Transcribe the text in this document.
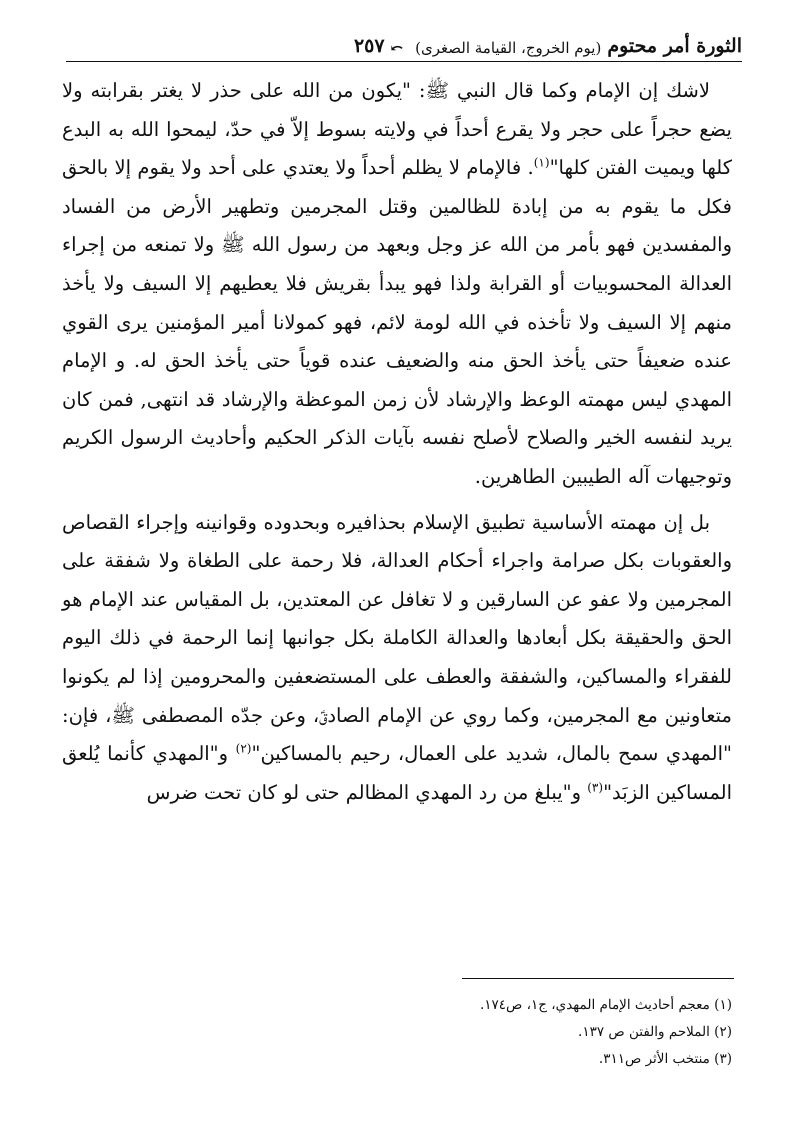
الثورة أمر محتوم
(يوم الخروج، القيامة الصغرى)
⤺
٢٥٧

لاشك إن الإمام وكما قال النبي ﷺ: "يكون من الله على حذر لا يغتر بقرابته ولا يضع حجراً على حجر ولا يقرع أحداً في ولايته بسوط إلاّ في حدّ، ليمحوا الله به البدع كلها ويميت الفتن كلها"$^{(١)}$. فالإمام لا يظلم أحداً ولا يعتدي على أحد ولا يقوم إلا بالحق فكل ما يقوم به من إبادة للظالمين وقتل المجرمين وتطهير الأرض من الفساد والمفسدين فهو بأمر من الله عز وجل وبعهد من رسول الله ﷺ ولا تمنعه من إجراء العدالة المحسوبيات أو القرابة ولذا فهو يبدأ بقريش فلا يعطيهم إلا السيف ولا يأخذ منهم إلا السيف ولا تأخذه في الله لومة لائم، فهو كمولانا أمير المؤمنين يرى القوي عنده ضعيفاً حتى يأخذ الحق منه والضعيف عنده قوياً حتى يأخذ الحق له. و الإمام المهدي ليس مهمته الوعظ والإرشاد لأن زمن الموعظة والإرشاد قد انتهى, فمن كان يريد لنفسه الخير والصلاح لأصلح نفسه بآيات الذكر الحكيم وأحاديث الرسول الكريم وتوجيهات آله الطيبين الطاهرين.

بل إن مهمته الأساسية تطبيق الإسلام بحذافيره وبحدوده وقوانينه وإجراء القصاص والعقوبات بكل صرامة واجراء أحكام العدالة، فلا رحمة على الطغاة ولا شفقة على المجرمين ولا عفو عن السارقين و لا تغافل عن المعتدين، بل المقياس عند الإمام هو الحق والحقيقة بكل أبعادها والعدالة الكاملة بكل جوانبها إنما الرحمة في ذلك اليوم للفقراء والمساكين، والشفقة والعطف على المستضعفين والمحرومين إذا لم يكونوا متعاونين مع المجرمين، وكما روي عن الإمام الصادقؑ، وعن جدّه المصطفى ﷺ، فإن: "المهدي سمح بالمال، شديد على العمال، رحيم بالمساكين"$^{(٢)}$ و"المهدي كأنما يُلعق المساكين الزبَد"$^{(٣)}$ و"يبلغ من رد المهدي المظالم حتى لو كان تحت ضرس

(١) معجم أحاديث الإمام المهدي، ج١، ص١٧٤.
(٢) الملاحم والفتن ص ١٣٧.
(٣) منتخب الأثر ص٣١١.
